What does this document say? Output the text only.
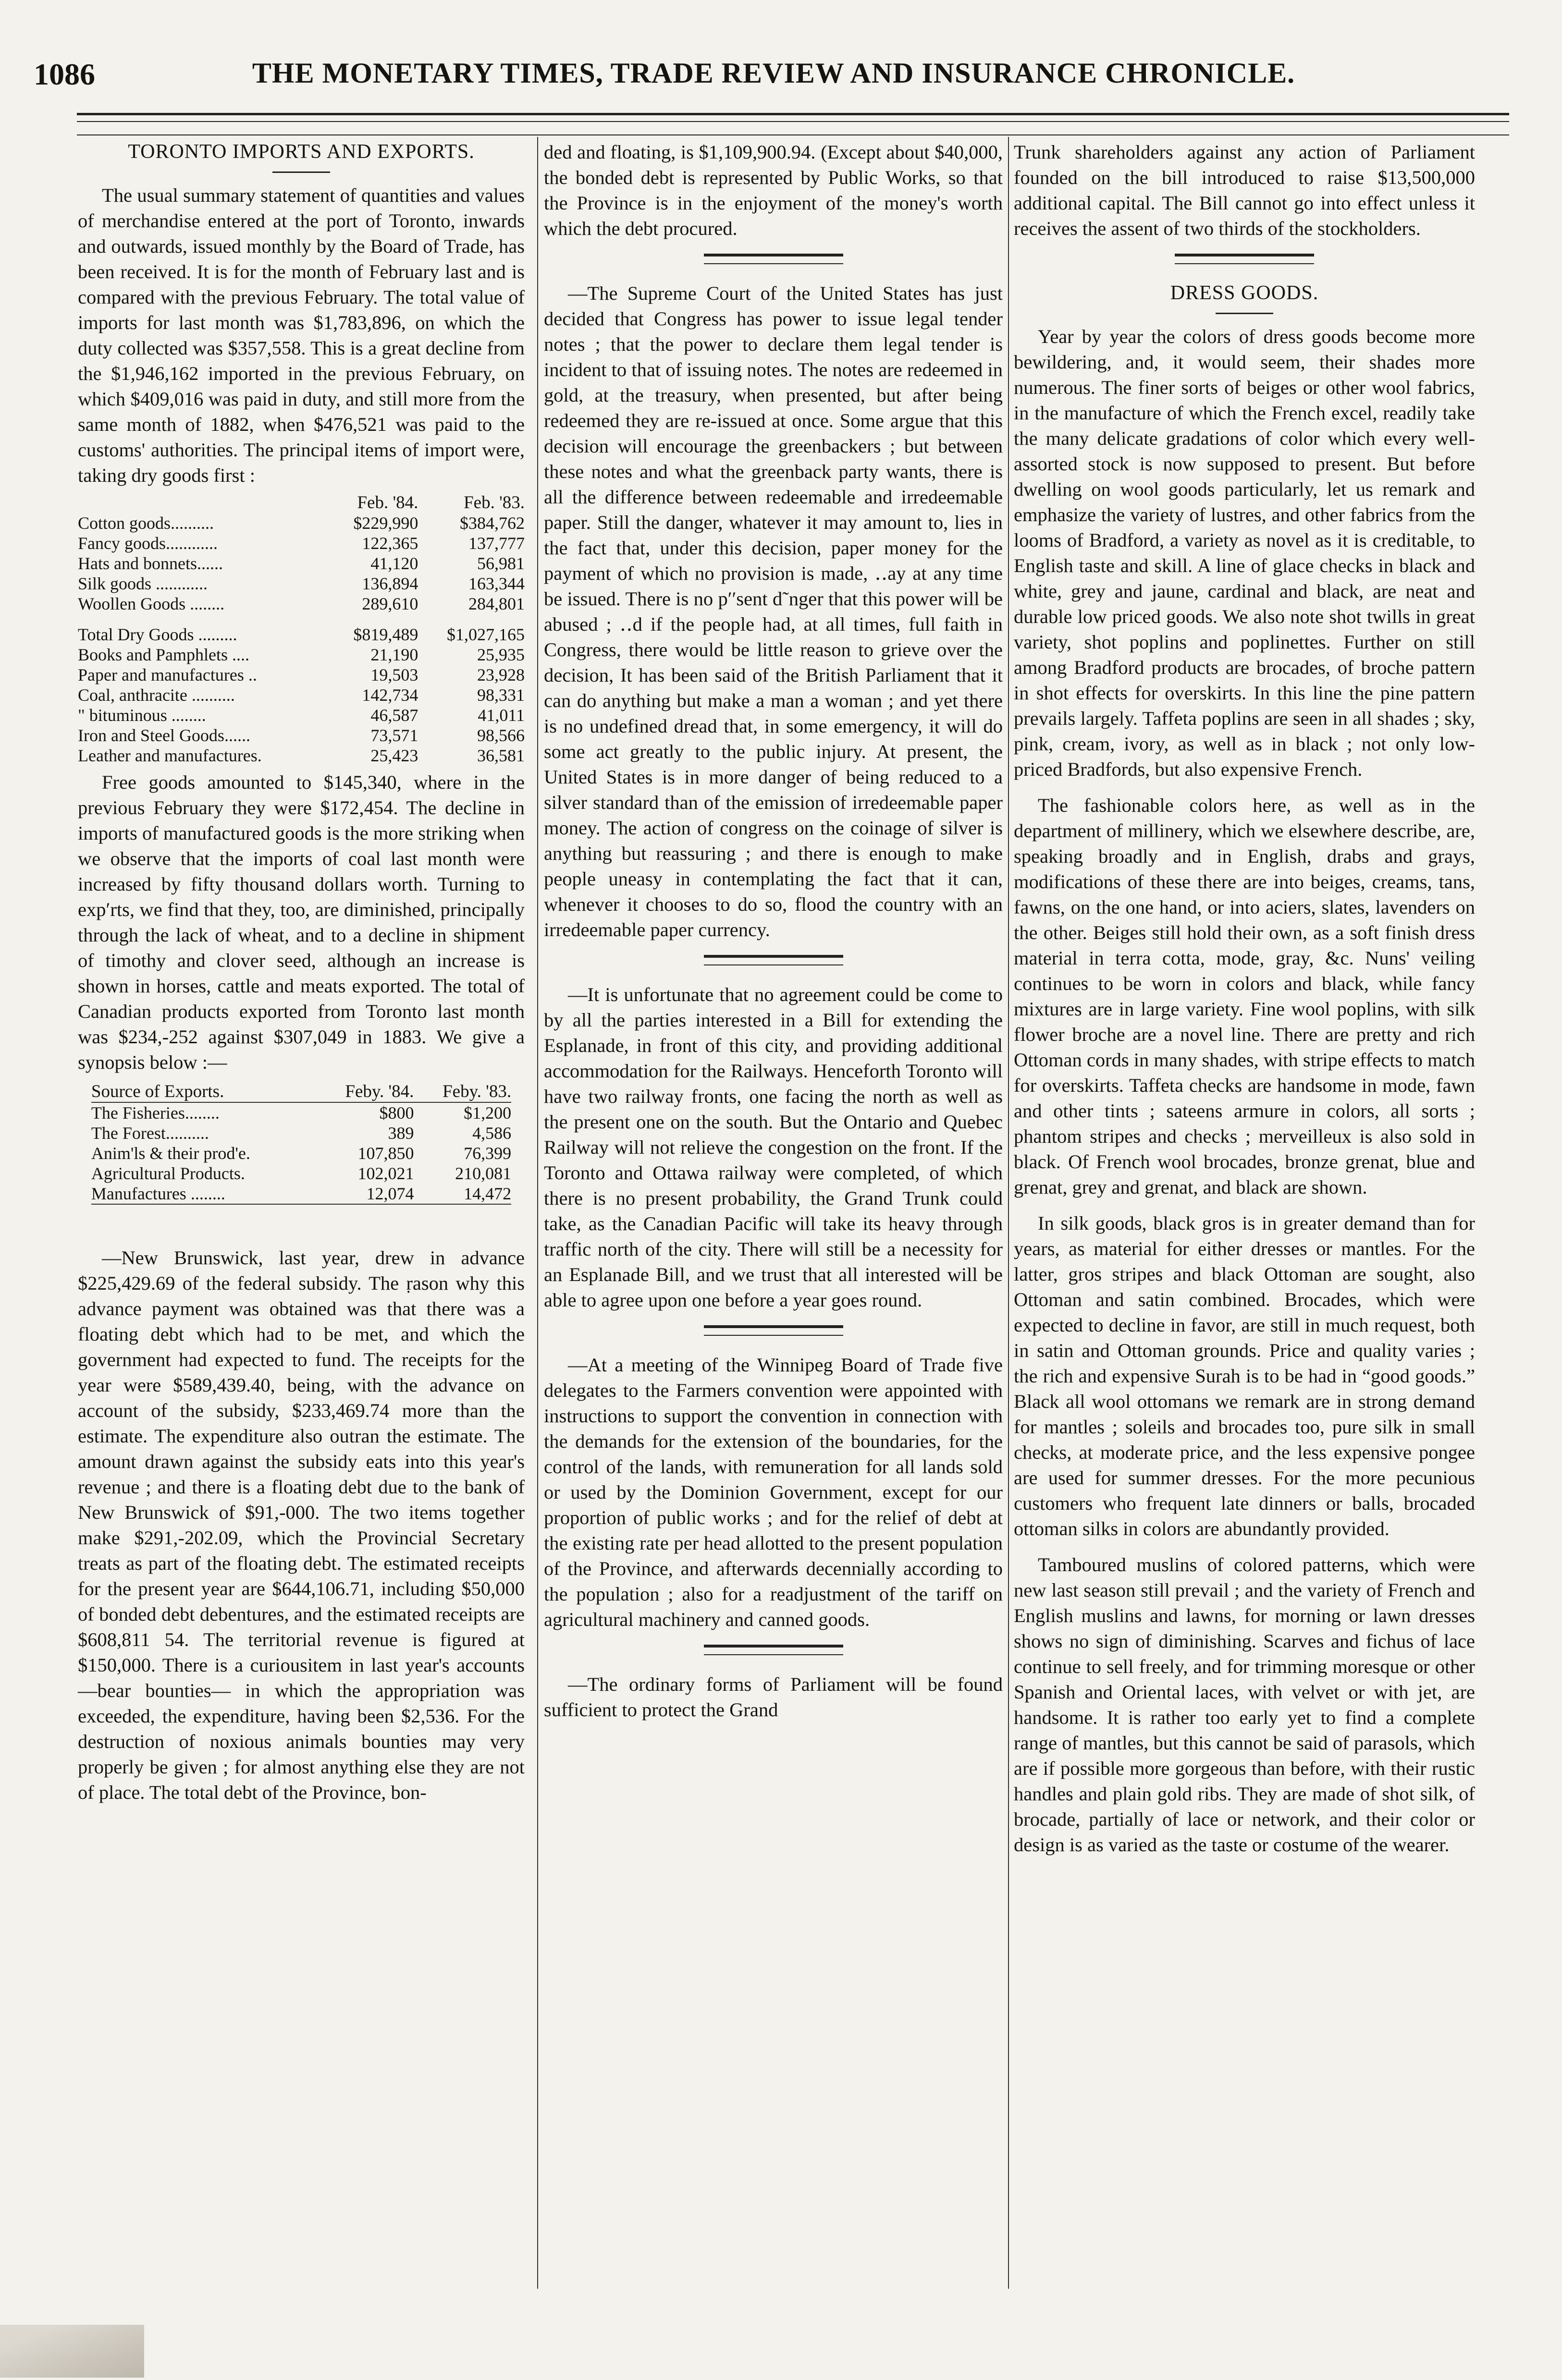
1086	THE MONETARY TIMES, TRADE REVIEW AND INSURANCE CHRONICLE.
TORONTO IMPORTS AND EXPORTS.

The usual summary statement of quantities and values of merchandise entered at the port of Toronto, inwards and outwards, issued monthly by the Board of Trade, has been received. It is for the month of February last and is compared with the previous February. The total value of imports for last month was $1,783,896, on which the duty collected was $357,558. This is a great decline from the $1,946,162 imported in the previous February, on which $409,016 was paid in duty, and still more from the same month of 1882, when $476,521 was paid to the customs' authorities. The principal items of import were, taking dry goods first :

	Feb. '84.	Feb. '83.
Cotton goods..........	$229,990	$384,762
Fancy goods............	122,365	137,777
Hats and bonnets......	41,120	56,981
Silk goods ............	136,894	163,344
Woollen Goods ........	289,610	284,801
Total Dry Goods .........	$819,489	$1,027,165
Books and Pamphlets ....	21,190	25,935
Paper and manufactures ..	19,503	23,928
Coal, anthracite ..........	142,734	98,331
" bituminous ........	46,587	41,011
Iron and Steel Goods......	73,571	98,566
Leather and manufactures.	25,423	36,581

Free goods amounted to $145,340, where in the previous February they were $172,454. The decline in imports of manufactured goods is the more striking when we observe that the imports of coal last month were increased by fifty thousand dollars worth. Turning to exp′rts, we find that they, too, are diminished, principally through the lack of wheat, and to a decline in shipment of timothy and clover seed, although an increase is shown in horses, cattle and meats exported. The total of Canadian products exported from Toronto last month was $234,-252 against $307,049 in 1883. We give a synopsis below :—

Source of Exports.	Feby. '84.	Feby. '83.
The Fisheries........	$800	$1,200
The Forest..........	389	4,586
Anim'ls & their prod'e.	107,850	76,399
Agricultural Products.	102,021	210,081
Manufactures ........	12,074	14,472

—New Brunswick, last year, drew in advance $225,429.69 of the federal subsidy. The ṛason why this advance payment was obtained was that there was a floating debt which had to be met, and which the government had expected to fund. The receipts for the year were $589,439.40, being, with the advance on account of the subsidy, $233,469.74 more than the estimate. The expenditure also outran the estimate. The amount drawn against the subsidy eats into this year's revenue ; and there is a floating debt due to the bank of New Brunswick of $91,-000. The two items together make $291,-202.09, which the Provincial Secretary treats as part of the floating debt. The estimated receipts for the present year are $644,106.71, including $50,000 of bonded debt debentures, and the estimated receipts are $608,811 54. The territorial revenue is figured at $150,000. There is a curiousitem in last year's accounts —bear bounties— in which the appropriation was exceeded, the expenditure, having been $2,536. For the destruction of noxious animals bounties may very properly be given ; for almost anything else they are not of place. The total debt of the Province, bon-

ded and floating, is $1,109,900.94. (Except about $40,000, the bonded debt is represented by Public Works, so that the Province is in the enjoyment of the money's worth which the debt procured.

—The Supreme Court of the United States has just decided that Congress has power to issue legal tender notes ; that the power to declare them legal tender is incident to that of issuing notes. The notes are redeemed in gold, at the treasury, when presented, but after being redeemed they are re-issued at once. Some argue that this decision will encourage the greenbackers ; but between these notes and what the greenback party wants, there is all the difference between redeemable and irredeemable paper. Still the danger, whatever it may amount to, lies in the fact that, under this decision, paper money for the payment of which no provision is made, ‥ay at any time be issued. There is no p′′sent d˜nger that this power will be abused ; ‥d if the people had, at all times, full faith in Congress, there would be little reason to grieve over the decision, It has been said of the British Parliament that it can do anything but make a man a woman ; and yet there is no undefined dread that, in some emergency, it will do some act greatly to the public injury. At present, the United States is in more danger of being reduced to a silver standard than of the emission of irredeemable paper money. The action of congress on the coinage of silver is anything but reassuring ; and there is enough to make people uneasy in contemplating the fact that it can, whenever it chooses to do so, flood the country with an irredeemable paper currency.

—It is unfortunate that no agreement could be come to by all the parties interested in a Bill for extending the Esplanade, in front of this city, and providing additional accommodation for the Railways. Henceforth Toronto will have two railway fronts, one facing the north as well as the present one on the south. But the Ontario and Quebec Railway will not relieve the congestion on the front. If the Toronto and Ottawa railway were completed, of which there is no present probability, the Grand Trunk could take, as the Canadian Pacific will take its heavy through traffic north of the city. There will still be a necessity for an Esplanade Bill, and we trust that all interested will be able to agree upon one before a year goes round.

—At a meeting of the Winnipeg Board of Trade five delegates to the Farmers convention were appointed with instructions to support the convention in connection with the demands for the extension of the boundaries, for the control of the lands, with remuneration for all lands sold or used by the Dominion Government, except for our proportion of public works ; and for the relief of debt at the existing rate per head allotted to the present population of the Province, and afterwards decennially according to the population ; also for a readjustment of the tariff on agricultural machinery and canned goods.

—The ordinary forms of Parliament will be found sufficient to protect the Grand

Trunk shareholders against any action of Parliament founded on the bill introduced to raise $13,500,000 additional capital. The Bill cannot go into effect unless it receives the assent of two thirds of the stockholders.

DRESS GOODS.

Year by year the colors of dress goods become more bewildering, and, it would seem, their shades more numerous. The finer sorts of beiges or other wool fabrics, in the manufacture of which the French excel, readily take the many delicate gradations of color which every well-assorted stock is now supposed to present. But before dwelling on wool goods particularly, let us remark and emphasize the variety of lustres, and other fabrics from the looms of Bradford, a variety as novel as it is creditable, to English taste and skill. A line of glace checks in black and white, grey and jaune, cardinal and black, are neat and durable low priced goods. We also note shot twills in great variety, shot poplins and poplinettes. Further on still among Bradford products are brocades, of broche pattern in shot effects for overskirts. In this line the pine pattern prevails largely. Taffeta poplins are seen in all shades ; sky, pink, cream, ivory, as well as in black ; not only low-priced Bradfords, but also expensive French.

The fashionable colors here, as well as in the department of millinery, which we elsewhere describe, are, speaking broadly and in English, drabs and grays, modifications of these there are into beiges, creams, tans, fawns, on the one hand, or into aciers, slates, lavenders on the other. Beiges still hold their own, as a soft finish dress material in terra cotta, mode, gray, &c. Nuns' veiling continues to be worn in colors and black, while fancy mixtures are in large variety. Fine wool poplins, with silk flower broche are a novel line. There are pretty and rich Ottoman cords in many shades, with stripe effects to match for overskirts. Taffeta checks are handsome in mode, fawn and other tints ; sateens armure in colors, all sorts ; phantom stripes and checks ; merveilleux is also sold in black. Of French wool brocades, bronze grenat, blue and grenat, grey and grenat, and black are shown.

In silk goods, black gros is in greater demand than for years, as material for either dresses or mantles. For the latter, gros stripes and black Ottoman are sought, also Ottoman and satin combined. Brocades, which were expected to decline in favor, are still in much request, both in satin and Ottoman grounds. Price and quality varies ; the rich and expensive Surah is to be had in “good goods.” Black all wool ottomans we remark are in strong demand for mantles ; soleils and brocades too, pure silk in small checks, at moderate price, and the less expensive pongee are used for summer dresses. For the more pecunious customers who frequent late dinners or balls, brocaded ottoman silks in colors are abundantly provided.

Tamboured muslins of colored patterns, which were new last season still prevail ; and the variety of French and English muslins and lawns, for morning or lawn dresses shows no sign of diminishing. Scarves and fichus of lace continue to sell freely, and for trimming moresque or other Spanish and Oriental laces, with velvet or with jet, are handsome. It is rather too early yet to find a complete range of mantles, but this cannot be said of parasols, which are if possible more gorgeous than before, with their rustic handles and plain gold ribs. They are made of shot silk, of brocade, partially of lace or network, and their color or design is as varied as the taste or costume of the wearer.
